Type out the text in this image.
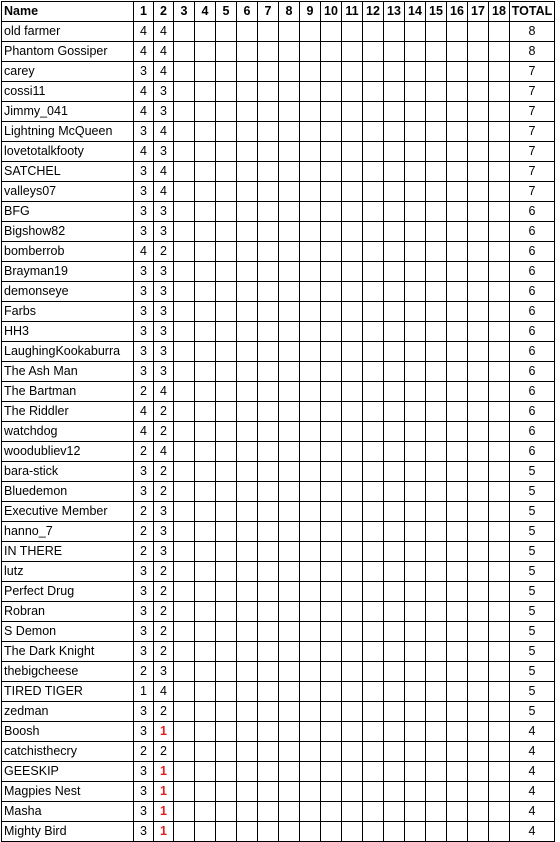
Name	1	2	3	4	5	6	7	8	9	10	11	12	13	14	15	16	17	18	TOTAL
old farmer	4	4																	8
Phantom Gossiper	4	4																	8
carey	3	4																	7
cossi11	4	3																	7
Jimmy_041	4	3																	7
Lightning McQueen	3	4																	7
lovetotalkfooty	4	3																	7
SATCHEL	3	4																	7
valleys07	3	4																	7
BFG	3	3																	6
Bigshow82	3	3																	6
bomberrob	4	2																	6
Brayman19	3	3																	6
demonseye	3	3																	6
Farbs	3	3																	6
HH3	3	3																	6
LaughingKookaburra	3	3																	6
The Ash Man	3	3																	6
The Bartman	2	4																	6
The Riddler	4	2																	6
watchdog	4	2																	6
woodubliev12	2	4																	6
bara-stick	3	2																	5
Bluedemon	3	2																	5
Executive Member	2	3																	5
hanno_7	2	3																	5
IN THERE	2	3																	5
lutz	3	2																	5
Perfect Drug	3	2																	5
Robran	3	2																	5
S Demon	3	2																	5
The Dark Knight	3	2																	5
thebigcheese	2	3																	5
TIRED TIGER	1	4																	5
zedman	3	2																	5
Boosh	3	1																	4
catchisthecry	2	2																	4
GEESKIP	3	1																	4
Magpies Nest	3	1																	4
Masha	3	1																	4
Mighty Bird	3	1																	4
